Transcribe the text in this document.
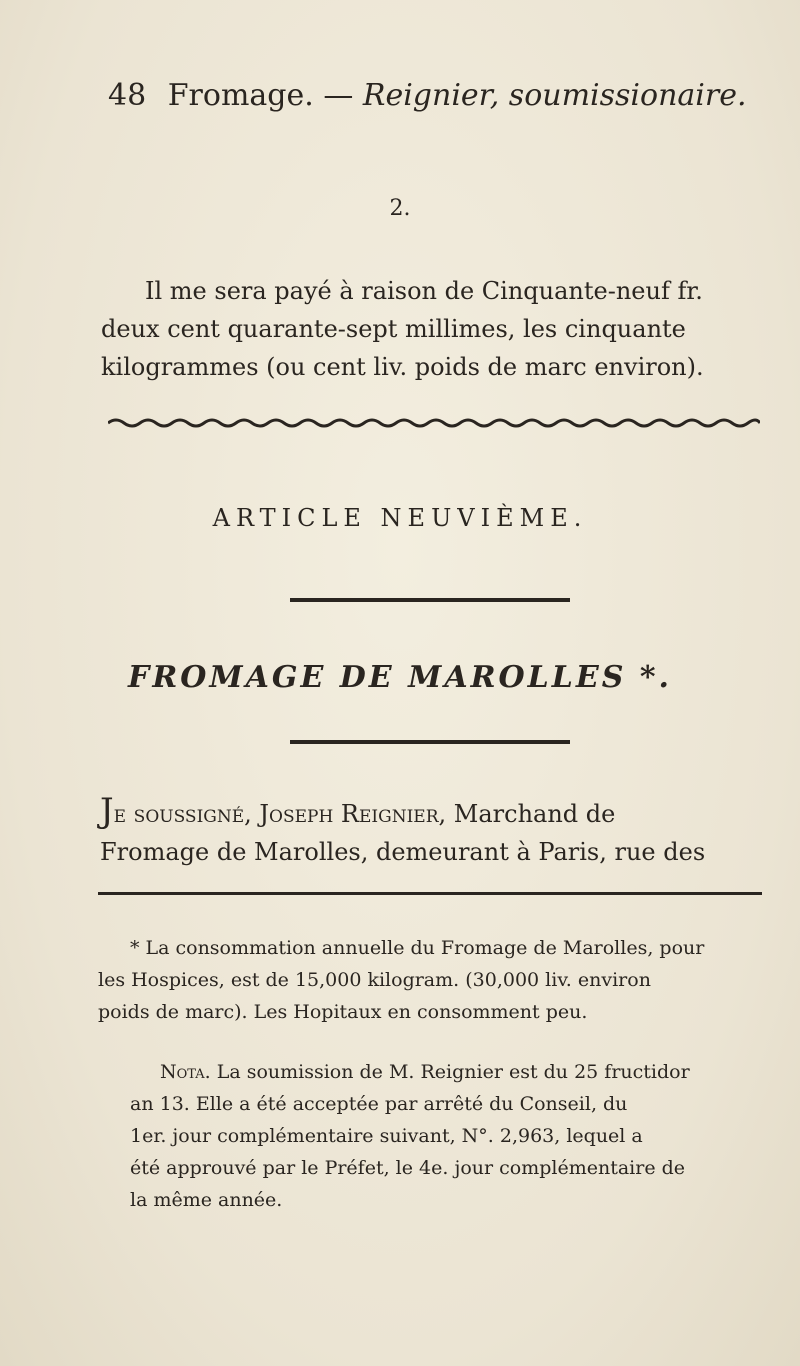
48 Fromage. — Reignier, soumissionaire.
2.
Il me sera payé à raison de Cinquante-neuf fr.
deux cent quarante-sept millimes, les cinquante
kilogrammes (ou cent liv. poids de marc environ).
ARTICLE NEUVIÈME.
FROMAGE DE MAROLLES *.
Je soussigné, Joseph Reignier, Marchand de
Fromage de Marolles, demeurant à Paris, rue des
* La consommation annuelle du Fromage de Marolles, pour
les Hospices, est de 15,000 kilogram. (30,000 liv. environ
poids de marc). Les Hopitaux en consomment peu.
Nota. La soumission de M. Reignier est du 25 fructidor
an 13. Elle a été acceptée par arrêté du Conseil, du
1er. jour complémentaire suivant, N°. 2,963, lequel a
été approuvé par le Préfet, le 4e. jour complémentaire de
la même année.
